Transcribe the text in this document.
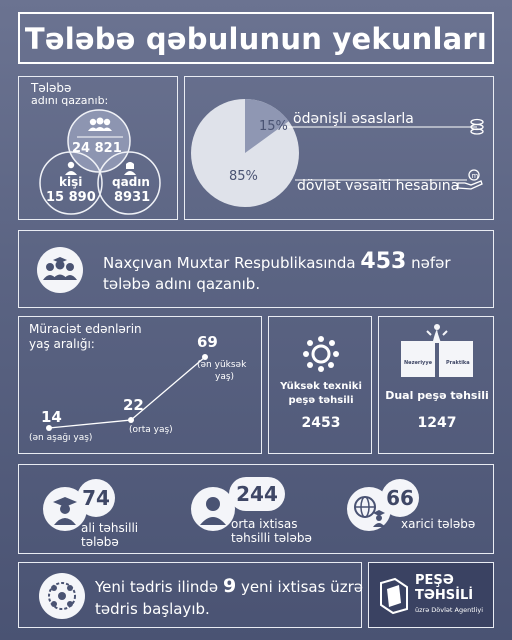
Tələbə qəbulunun yekunları
Tələbə
adını qazanıb:
24 821
kişi
15 890
qadın
8931
15%
85%
ödənişli əsaslarla
dövlət vəsaiti hesabına
m
Naxçıvan Muxtar Respublikasında 453 nəfər
tələbə adını qazanıb.
Müraciət edənlərin
yaş aralığı:
14
(ən aşağı yaş)
22
(orta yaş)
69
(ən yüksək
yaş)
Yüksək texniki
peşə təhsili
2453
Nəzəriyyə	Praktika
Dual peşə təhsili
1247
74
ali təhsilli
tələbə
244
orta ixtisas
təhsilli tələbə
66
xarici tələbə
Yeni tədris ilində 9 yeni ixtisas üzrə
tədris başlayıb.
PEŞƏ
TƏHSİLİ
üzrə Dövlət Agentliyi
